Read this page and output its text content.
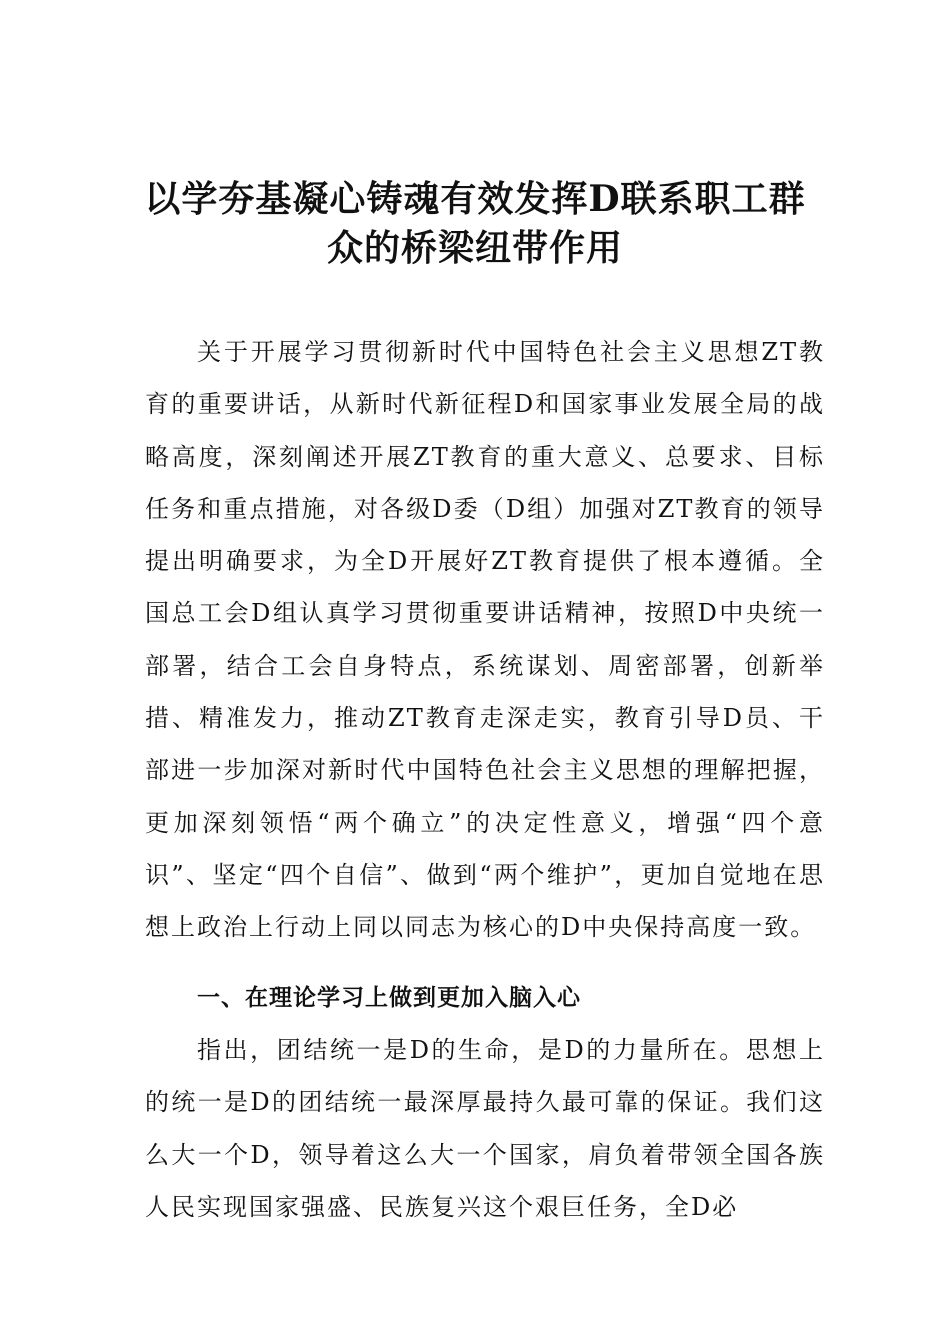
以学夯基凝心铸魂有效发挥D联系职工群
众的桥梁纽带作用

关于开展学习贯彻新时代中国特色社会主义思想ZT教育的重要讲话，从新时代新征程D和国家事业发展全局的战略高度，深刻阐述开展ZT教育的重大意义、总要求、目标任务和重点措施，对各级D委（D组）加强对ZT教育的领导提出明确要求，为全D开展好ZT教育提供了根本遵循。全国总工会D组认真学习贯彻重要讲话精神，按照D中央统一部署，结合工会自身特点，系统谋划、周密部署，创新举措、精准发力，推动ZT教育走深走实，教育引导D员、干部进一步加深对新时代中国特色社会主义思想的理解把握，更加深刻领悟“两个确立”的决定性意义，增强“四个意识”、坚定“四个自信”、做到“两个维护”，更加自觉地在思想上政治上行动上同以同志为核心的D中央保持高度一致。

一、在理论学习上做到更加入脑入心

指出，团结统一是D的生命，是D的力量所在。思想上的统一是D的团结统一最深厚最持久最可靠的保证。我们这么大一个D，领导着这么大一个国家，肩负着带领全国各族人民实现国家强盛、民族复兴这个艰巨任务，全D必
